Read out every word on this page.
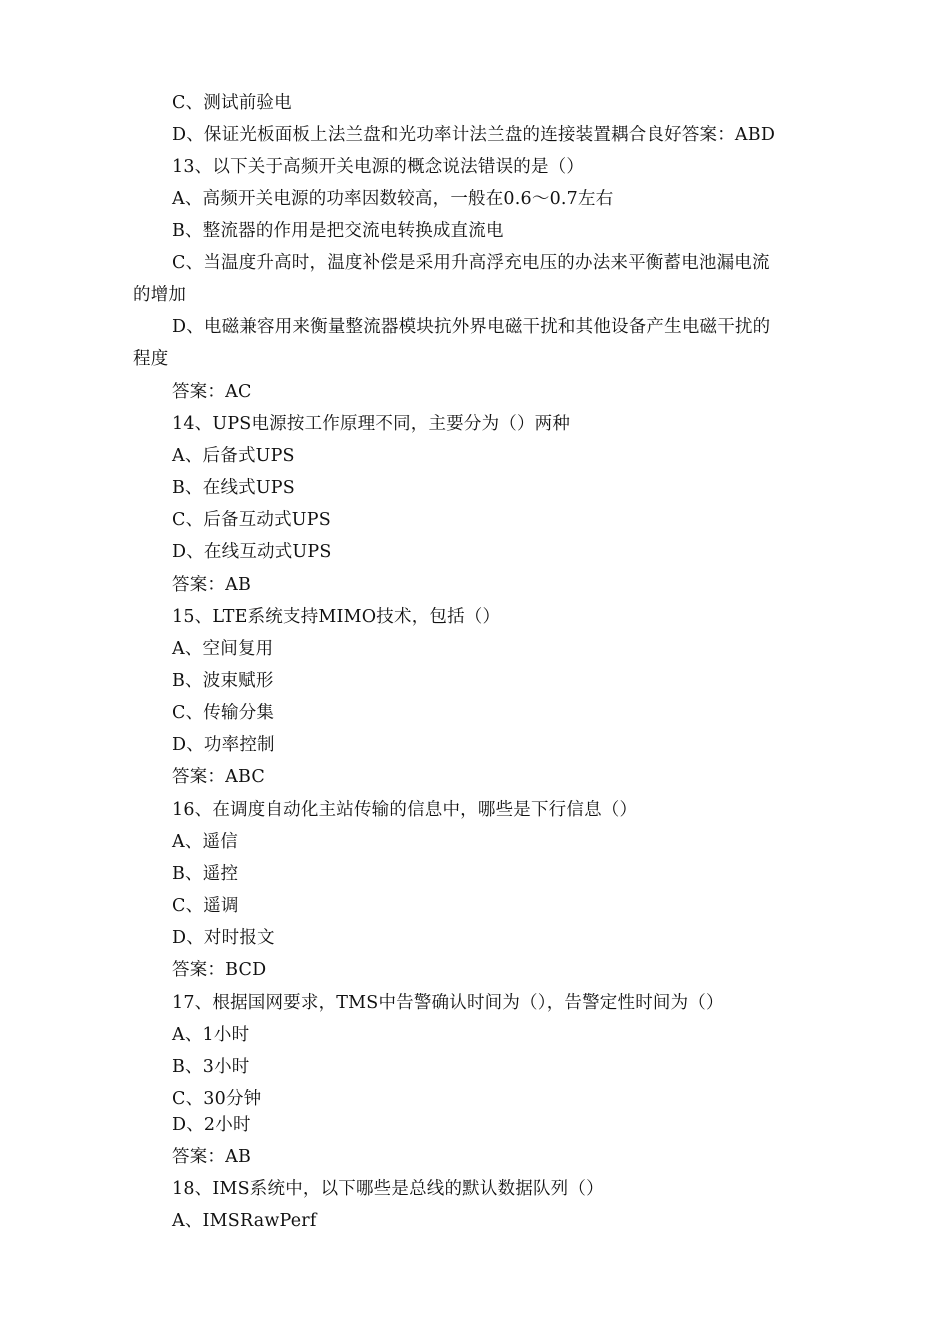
C、测试前验电
D、保证光板面板上法兰盘和光功率计法兰盘的连接装置耦合良好答案：ABD
13、以下关于高频开关电源的概念说法错误的是（）
A、高频开关电源的功率因数较高，一般在0.6～0.7左右
B、整流器的作用是把交流电转换成直流电
C、当温度升高时，温度补偿是采用升高浮充电压的办法来平衡蓄电池漏电流
的增加
D、电磁兼容用来衡量整流器模块抗外界电磁干扰和其他设备产生电磁干扰的
程度
答案：AC
14、UPS电源按工作原理不同，主要分为（）两种
A、后备式UPS
B、在线式UPS
C、后备互动式UPS
D、在线互动式UPS
答案：AB
15、LTE系统支持MIMO技术，包括（）
A、空间复用
B、波束赋形
C、传输分集
D、功率控制
答案：ABC
16、在调度自动化主站传输的信息中，哪些是下行信息（）
A、遥信
B、遥控
C、遥调
D、对时报文
答案：BCD
17、根据国网要求，TMS中告警确认时间为（），告警定性时间为（）
A、1小时
B、3小时
C、30分钟
D、2小时
答案：AB
18、IMS系统中，以下哪些是总线的默认数据队列（）
A、IMSRawPerf
